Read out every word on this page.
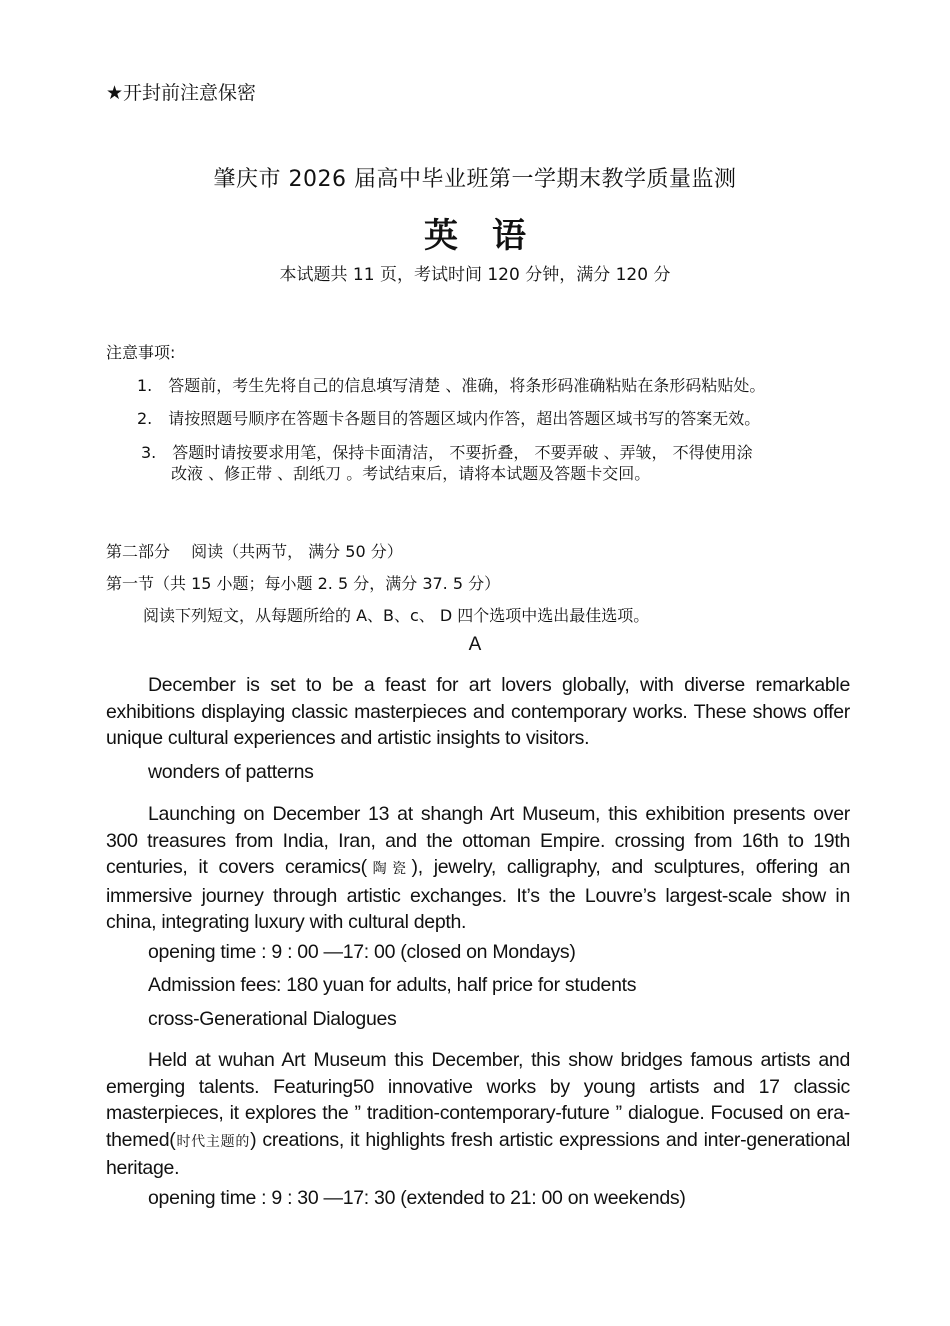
★开封前注意保密
肇庆市 2026 届高中毕业班第一学期末教学质量监测
英　语
本试题共 11 页，考试时间 120 分钟，满分 120 分
注意事项:
1.　答题前，考生先将自己的信息填写清楚 、准确，将条形码准确粘贴在条形码粘贴处。
2.　请按照题号顺序在答题卡各题目的答题区域内作答，超出答题区域书写的答案无效。
3.　答题时请按要求用笔，保持卡面清洁， 不要折叠， 不要弄破 、弄皱， 不得使用涂
改液 、修正带 、刮纸刀 。考试结束后，请将本试题及答题卡交回。
第二部分　 阅读（共两节， 满分 50 分）
第一节（共 15 小题；每小题 2. 5 分，满分 37. 5 分）
阅读下列短文，从每题所给的 A、B、c、 D 四个选项中选出最佳选项。
A
December is set to be a feast for art lovers globally, with diverse remarkable exhibitions displaying classic masterpieces and contemporary works. These shows offer unique cultural experiences and artistic insights to visitors.
wonders of patterns
Launching on December 13 at shangh Art Museum, this exhibition presents over 300 treasures from India, Iran, and the ottoman Empire. crossing from 16th to 19th centuries, it covers ceramics(陶瓷), jewelry, calligraphy, and sculptures, offering an immersive journey through artistic exchanges. It’s the Louvre’s largest-scale show in china, integrating luxury with cultural depth.
opening time : 9 : 00 —17: 00 (closed on Mondays)
Admission fees: 180 yuan for adults, half price for students
cross-Generational Dialogues
Held at wuhan Art Museum this December, this show bridges famous artists and emerging talents. Featuring50 innovative works by young artists and 17 classic masterpieces, it explores the ” tradition-contemporary-future ” dialogue. Focused on era-themed(时代主题的) creations, it highlights fresh artistic expressions and inter-generational heritage.
opening time : 9 : 30 —17: 30 (extended to 21: 00 on weekends)
